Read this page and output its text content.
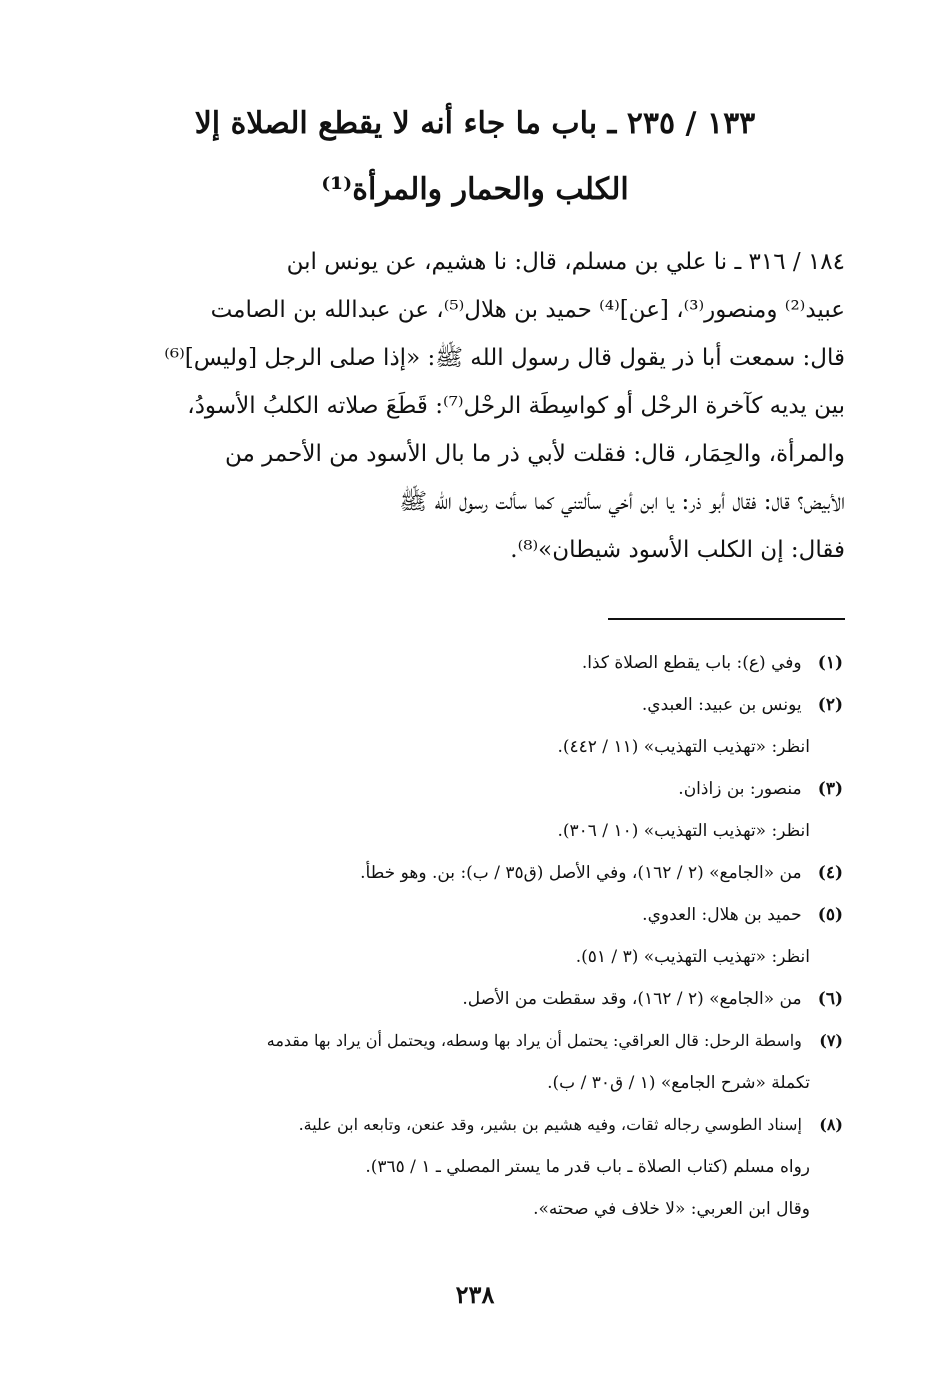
١٣٣ / ٢٣٥ ـ باب ما جاء أنه لا يقطع الصلاة إلا
الكلب والحمار والمرأة⁽¹⁾
١٨٤ / ٣١٦ ـ نا علي بن مسلم، قال: نا هشيم، عن يونس ابن
عبيد⁽²⁾ ومنصور⁽³⁾، [عن]⁽⁴⁾ حميد بن هلال⁽⁵⁾، عن عبدالله بن الصامت
قال: سمعت أبا ذر يقول قال رسول الله ﷺ: «إذا صلى الرجل [وليس]⁽⁶⁾
بين يديه كآخرة الرحْل أو كواسِطَة الرحْل⁽⁷⁾: قَطَعَ صلاته الكلبُ الأسودُ،
والمرأة، والحِمَار، قال: فقلت لأبي ذر ما بال الأسود من الأحمر من
الأبيض؟ قال: فقال أبو ذر: يا ابن أخي سألتني كما سألت رسول الله ﷺ
فقال: إن الكلب الأسود شيطان»⁽⁸⁾.
(١) وفي (ع): باب يقطع الصلاة كذا.
(٢) يونس بن عبيد: العبدي.
انظر: «تهذيب التهذيب» (١١ / ٤٤٢).
(٣) منصور: بن زاذان.
انظر: «تهذيب التهذيب» (١٠ / ٣٠٦).
(٤) من «الجامع» (٢ / ١٦٢)، وفي الأصل (ق٣٥ / ب): بن. وهو خطأ.
(٥) حميد بن هلال: العدوي.
انظر: «تهذيب التهذيب» (٣ / ٥١).
(٦) من «الجامع» (٢ / ١٦٢)، وقد سقطت من الأصل.
(٧) واسطة الرحل: قال العراقي: يحتمل أن يراد بها وسطه، ويحتمل أن يراد بها مقدمه
تكملة «شرح الجامع» (١ / ق٣٠ / ب).
(٨) إسناد الطوسي رجاله ثقات، وفيه هشيم بن بشير، وقد عنعن، وتابعه ابن علية.
رواه مسلم (كتاب الصلاة ـ باب قدر ما يستر المصلي ـ ١ / ٣٦٥).
وقال ابن العربي: «لا خلاف في صحته».
٢٣٨
